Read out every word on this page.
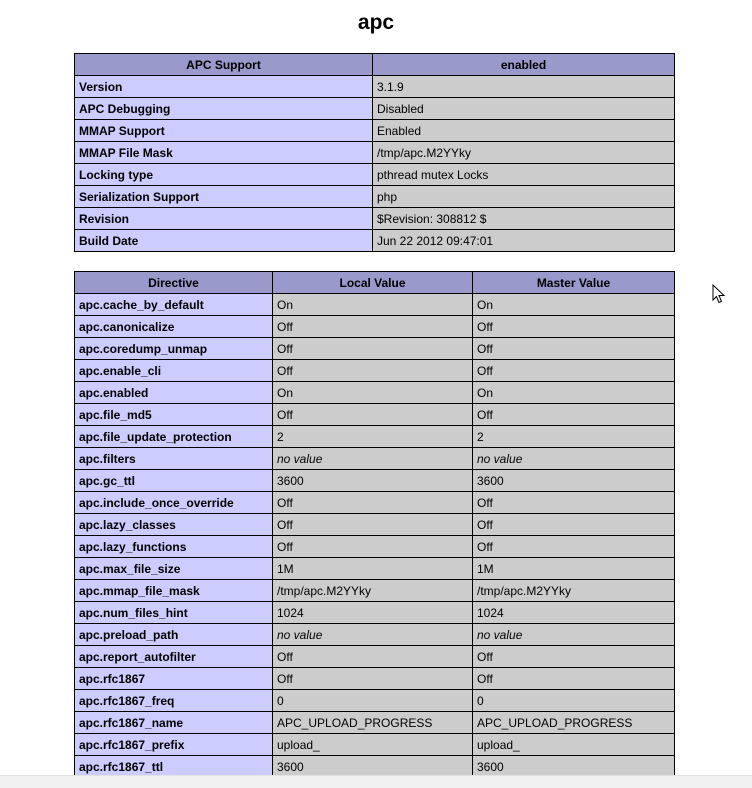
apc
APC Support	enabled
Version	3.1.9
APC Debugging	Disabled
MMAP Support	Enabled
MMAP File Mask	/tmp/apc.M2YYky
Locking type	pthread mutex Locks
Serialization Support	php
Revision	$Revision: 308812 $
Build Date	Jun 22 2012 09:47:01
Directive	Local Value	Master Value
apc.cache_by_default	On	On
apc.canonicalize	Off	Off
apc.coredump_unmap	Off	Off
apc.enable_cli	Off	Off
apc.enabled	On	On
apc.file_md5	Off	Off
apc.file_update_protection	2	2
apc.filters	no value	no value
apc.gc_ttl	3600	3600
apc.include_once_override	Off	Off
apc.lazy_classes	Off	Off
apc.lazy_functions	Off	Off
apc.max_file_size	1M	1M
apc.mmap_file_mask	/tmp/apc.M2YYky	/tmp/apc.M2YYky
apc.num_files_hint	1024	1024
apc.preload_path	no value	no value
apc.report_autofilter	Off	Off
apc.rfc1867	Off	Off
apc.rfc1867_freq	0	0
apc.rfc1867_name	APC_UPLOAD_PROGRESS	APC_UPLOAD_PROGRESS
apc.rfc1867_prefix	upload_	upload_
apc.rfc1867_ttl	3600	3600
